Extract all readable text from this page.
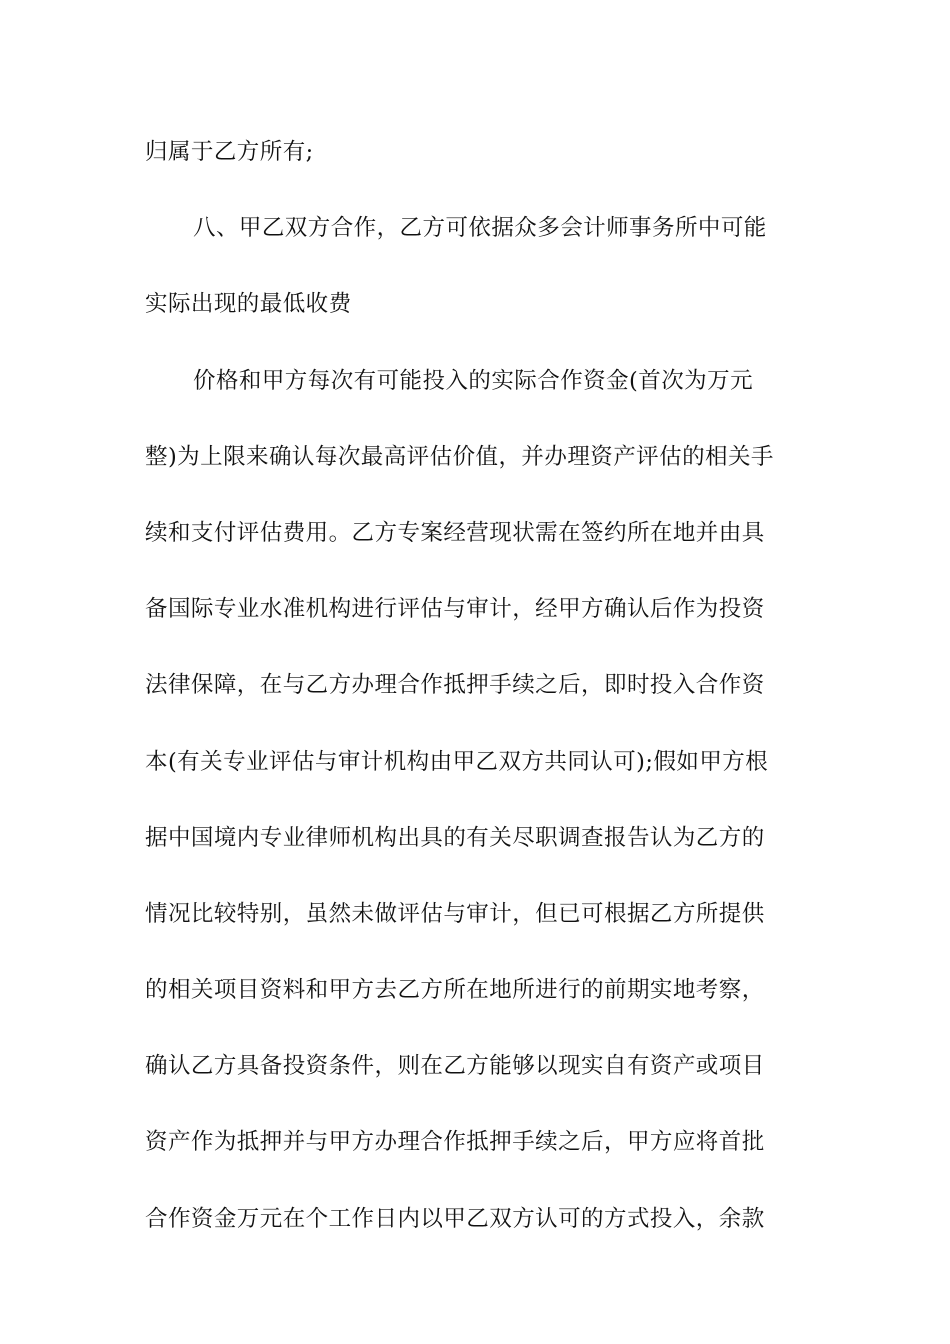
归属于乙方所有;
八、甲乙双方合作，乙方可依据众多会计师事务所中可能
实际出现的最低收费
价格和甲方每次有可能投入的实际合作资金(首次为万元
整)为上限来确认每次最高评估价值，并办理资产评估的相关手
续和支付评估费用。乙方专案经营现状需在签约所在地并由具
备国际专业水准机构进行评估与审计，经甲方确认后作为投资
法律保障，在与乙方办理合作抵押手续之后，即时投入合作资
本(有关专业评估与审计机构由甲乙双方共同认可);假如甲方根
据中国境内专业律师机构出具的有关尽职调查报告认为乙方的
情况比较特别，虽然未做评估与审计，但已可根据乙方所提供
的相关项目资料和甲方去乙方所在地所进行的前期实地考察，
确认乙方具备投资条件，则在乙方能够以现实自有资产或项目
资产作为抵押并与甲方办理合作抵押手续之后，甲方应将首批
合作资金万元在个工作日内以甲乙双方认可的方式投入，余款
